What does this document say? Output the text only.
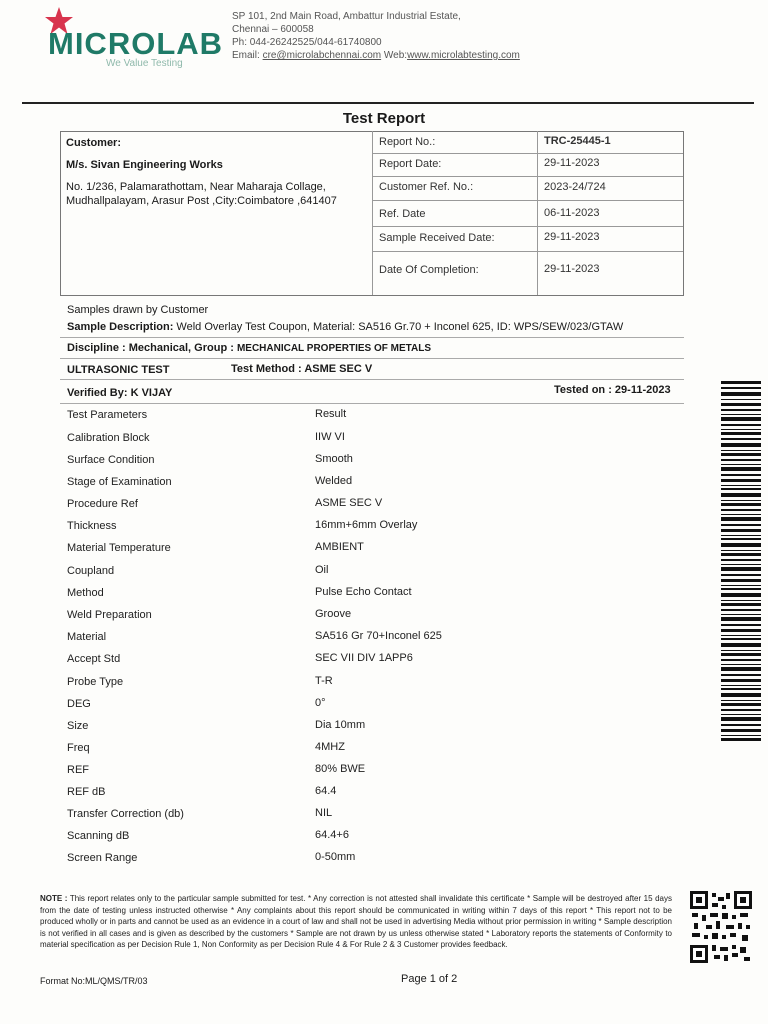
MICROLAB
We Value Testing
SP 101, 2nd Main Road, Ambattur Industrial Estate,
Chennai – 600058
Ph: 044-26242525/044-61740800
Email: cre@microlabchennai.com Web:www.microlabtesting.com
Test Report
Customer:
M/s. Sivan Engineering Works
No. 1/236, Palamarathottam, Near Maharaja Collage,
Mudhallpalayam, Arasur Post ,City:Coimbatore ,641407
Report No.:	TRC-25445-1
Report Date:	29-11-2023
Customer Ref. No.:	2023-24/724
Ref. Date	06-11-2023
Sample Received Date:	29-11-2023
Date Of Completion:	29-11-2023
Samples drawn by Customer
Sample Description: Weld Overlay Test Coupon, Material: SA516 Gr.70 + Inconel 625, ID: WPS/SEW/023/GTAW
Discipline : Mechanical, Group : MECHANICAL PROPERTIES OF METALS
ULTRASONIC TEST	Test Method : ASME SEC V
Verified By: K VIJAY	Tested on : 29-11-2023
Test Parameters	Result
Calibration Block	IIW VI
Surface Condition	Smooth
Stage of Examination	Welded
Procedure Ref	ASME SEC V
Thickness	16mm+6mm Overlay
Material Temperature	AMBIENT
Coupland	Oil
Method	Pulse Echo Contact
Weld Preparation	Groove
Material	SA516 Gr 70+Inconel 625
Accept Std	SEC VII DIV 1APP6
Probe Type	T-R
DEG	0°
Size	Dia 10mm
Freq	4MHZ
REF	80% BWE
REF dB	64.4
Transfer Correction (db)	NIL
Scanning dB	64.4+6
Screen Range	0-50mm
NOTE : This report relates only to the particular sample submitted for test. * Any correction is not attested shall invalidate this certificate * Sample will be destroyed after 15 days from the date of testing unless instructed otherwise * Any complaints about this report should be communicated in writing within 7 days of this report * This report not to be produced wholly or in parts and cannot be used as an evidence in a court of law and shall not be used in advertising Media without prior permission in writing * Sample description is not verified in all cases and is given as described by the customers * Sample are not drawn by us unless otherwise stated * Laboratory reports the statements of Conformity to material specification as per Decision Rule 1, Non Conformity as per Decision Rule 4 & For Rule 2 & 3 Customer provides feedback.
Format No:ML/QMS/TR/03	Page 1 of 2
